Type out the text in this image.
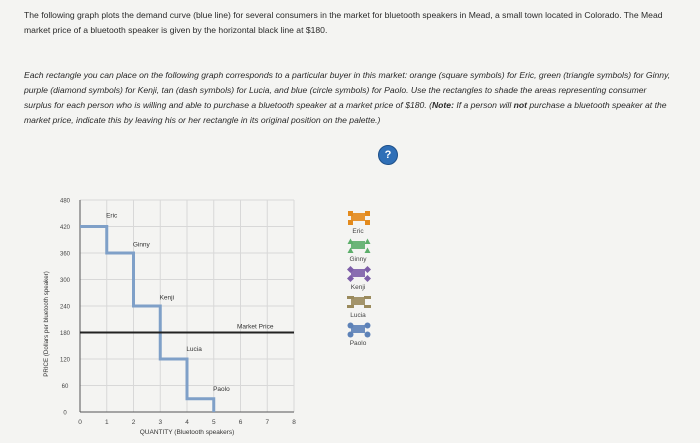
The following graph plots the demand curve (blue line) for several consumers in the market for bluetooth speakers in Mead, a small town located in Colorado. The Mead market price of a bluetooth speaker is given by the horizontal black line at $180.
Each rectangle you can place on the following graph corresponds to a particular buyer in this market: orange (square symbols) for Eric, green (triangle symbols) for Ginny, purple (diamond symbols) for Kenji, tan (dash symbols) for Lucia, and blue (circle symbols) for Paolo. Use the rectangles to shade the areas representing consumer surplus for each person who is willing and able to purchase a bluetooth speaker at a market price of $180. (Note: If a person will not purchase a bluetooth speaker at the market price, indicate this by leaving his or her rectangle in its original position on the palette.)
?
0	1	2	3	4	5	6	7	8
0
60
120
180
240
300
360
420
480
QUANTITY (Bluetooth speakers)
PRICE (Dollars per bluetooth speaker)	Market Price
Eric
Ginny
Kenji
Lucia
Paolo
Eric
Ginny
Kenji
Lucia
Paolo
